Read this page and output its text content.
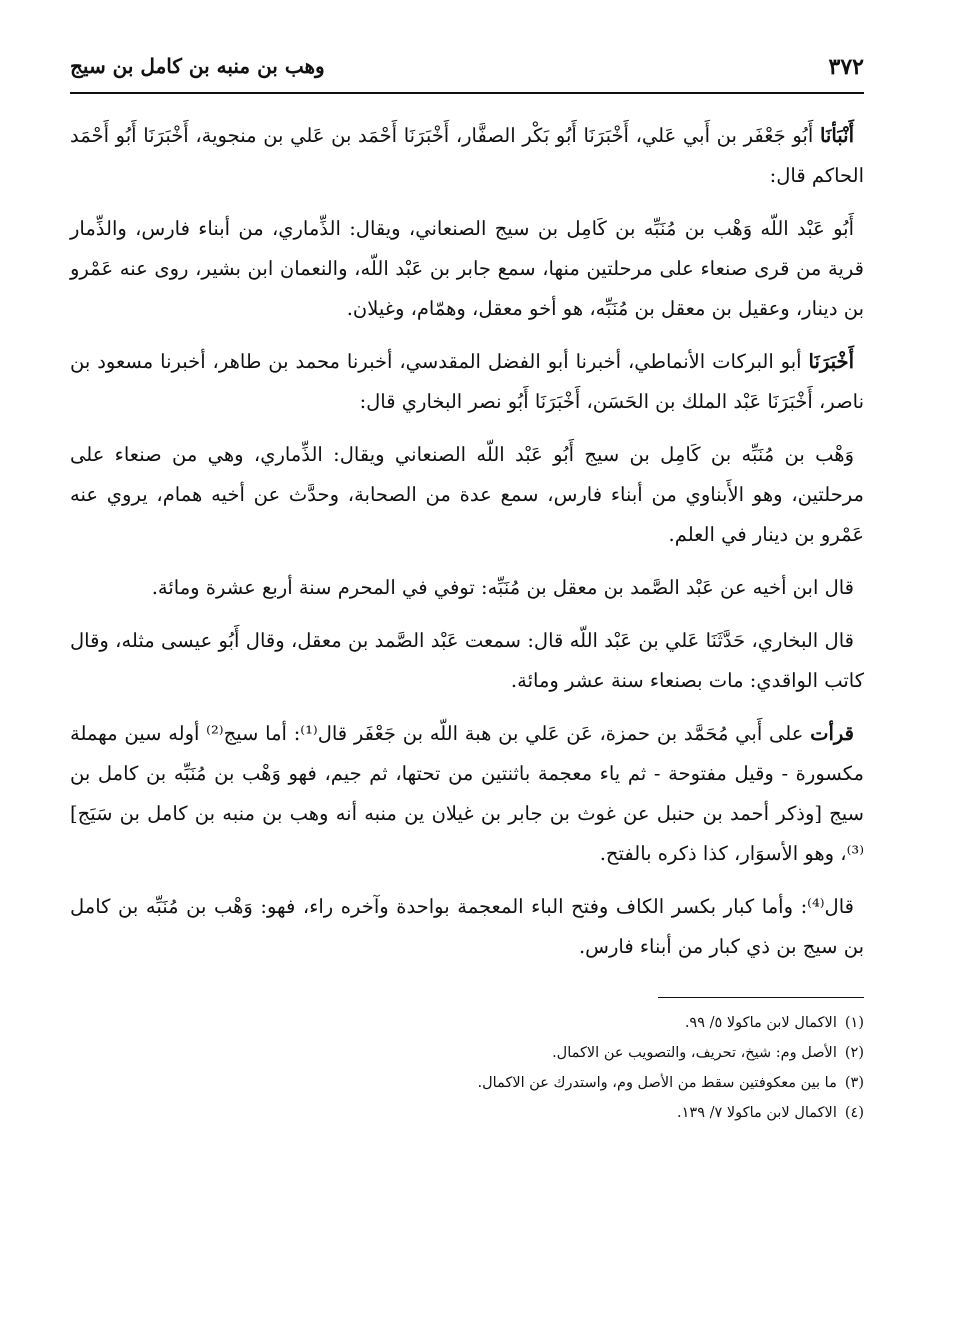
٣٧٢
وهب بن منبه بن كامل بن سيج

أَنْبَأنَا أَبُو جَعْفَر بن أَبي عَلي، أَخْبَرَنَا أَبُو بَكْر الصفَّار، أَخْبَرَنَا أَحْمَد بن عَلي بن منجوية، أَخْبَرَنَا أَبُو أَحْمَد الحاكم قال:

أَبُو عَبْد اللّه وَهْب بن مُنَبِّه بن كَامِل بن سيج الصنعاني، ويقال: الذِّماري، من أبناء فارس، والذِّمار قرية من قرى صنعاء على مرحلتين منها، سمع جابر بن عَبْد اللّه، والنعمان ابن بشير، روى عنه عَمْرو بن دينار، وعقيل بن معقل بن مُنَبِّه، هو أخو معقل، وهمّام، وغيلان.

أَخْبَرَنَا أبو البركات الأنماطي، أخبرنا أبو الفضل المقدسي، أخبرنا محمد بن طاهر، أخبرنا مسعود بن ناصر، أَخْبَرَنَا عَبْد الملك بن الحَسَن، أَخْبَرَنَا أَبُو نصر البخاري قال:

وَهْب بن مُنَبِّه بن كَامِل بن سيج أَبُو عَبْد اللّه الصنعاني ويقال: الذِّماري، وهي من صنعاء على مرحلتين، وهو الأَبناوي من أبناء فارس، سمع عدة من الصحابة، وحدَّث عن أخيه همام، يروي عنه عَمْرو بن دينار في العلم.

قال ابن أخيه عن عَبْد الصَّمد بن معقل بن مُنَبِّه: توفي في المحرم سنة أربع عشرة ومائة.

قال البخاري، حَدَّثَنَا عَلي بن عَبْد اللّه قال: سمعت عَبْد الصَّمد بن معقل، وقال أَبُو عيسى مثله، وقال كاتب الواقدي: مات بصنعاء سنة عشر ومائة.

قرأت على أَبي مُحَمَّد بن حمزة، عَن عَلي بن هبة اللّه بن جَعْفَر قال⁽¹⁾: أما سيج⁽²⁾ أوله سين مهملة مكسورة - وقيل مفتوحة - ثم ياء معجمة باثنتين من تحتها، ثم جيم، فهو وَهْب بن مُنَبِّه بن كامل بن سيج [وذكر أحمد بن حنبل عن غوث بن جابر بن غيلان ين منبه أنه وهب بن منبه بن كامل بن سَيَج]⁽³⁾، وهو الأسوَار، كذا ذكره بالفتح.

قال⁽⁴⁾: وأما كبار بكسر الكاف وفتح الباء المعجمة بواحدة وآخره راء، فهو: وَهْب بن مُنَبِّه بن كامل بن سيج بن ذي كبار من أبناء فارس.

(١)الاكمال لابن ماكولا ٥/ ٩٩.
(٢)الأصل وم: شيخ، تحريف، والتصويب عن الاكمال.
(٣)ما بين معكوفتين سقط من الأصل وم، واستدرك عن الاكمال.
(٤)الاكمال لابن ماكولا ٧/ ١٣٩.
